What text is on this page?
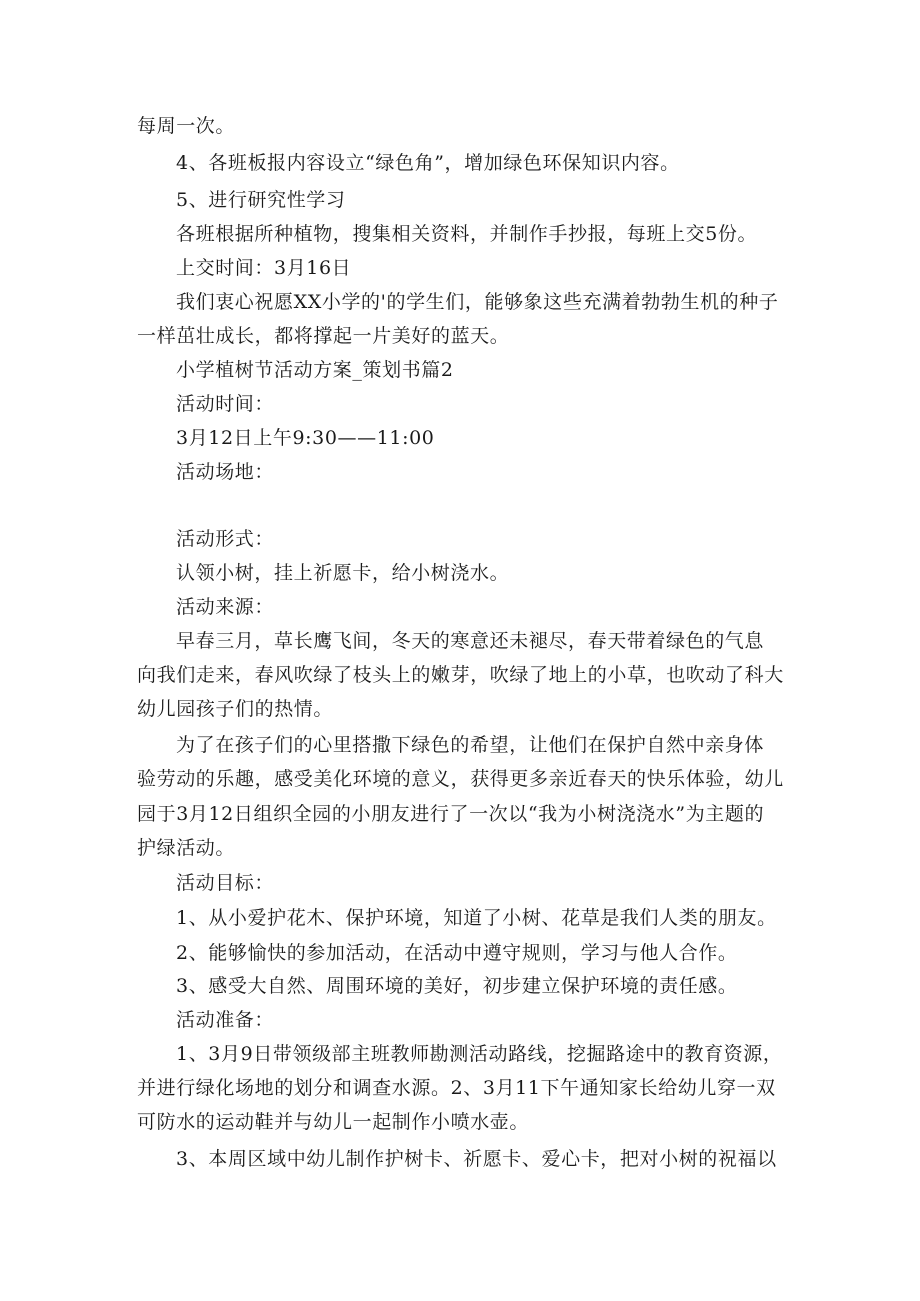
每周一次。
4、各班板报内容设立“绿色角”，增加绿色环保知识内容。
5、进行研究性学习
各班根据所种植物，搜集相关资料，并制作手抄报，每班上交5份。
上交时间：3月16日
我们衷心祝愿XX小学的'的学生们，能够象这些充满着勃勃生机的种子
一样茁壮成长，都将撑起一片美好的蓝天。
小学植树节活动方案_策划书篇2
活动时间：
3月12日上午9:30——11:00
活动场地：
活动形式：
认领小树，挂上祈愿卡，给小树浇水。
活动来源：
早春三月，草长鹰飞间，冬天的寒意还未褪尽，春天带着绿色的气息
向我们走来，春风吹绿了枝头上的嫩芽，吹绿了地上的小草，也吹动了科大
幼儿园孩子们的热情。
为了在孩子们的心里搭撒下绿色的希望，让他们在保护自然中亲身体
验劳动的乐趣，感受美化环境的意义，获得更多亲近春天的快乐体验，幼儿
园于3月12日组织全园的小朋友进行了一次以“我为小树浇浇水”为主题的
护绿活动。
活动目标：
1、从小爱护花木、保护环境，知道了小树、花草是我们人类的朋友。
2、能够愉快的参加活动，在活动中遵守规则，学习与他人合作。
3、感受大自然、周围环境的美好，初步建立保护环境的责任感。
活动准备：
1、3月9日带领级部主班教师勘测活动路线，挖掘路途中的教育资源，
并进行绿化场地的划分和调查水源。2、3月11下午通知家长给幼儿穿一双
可防水的运动鞋并与幼儿一起制作小喷水壶。
3、本周区域中幼儿制作护树卡、祈愿卡、爱心卡，把对小树的祝福以
